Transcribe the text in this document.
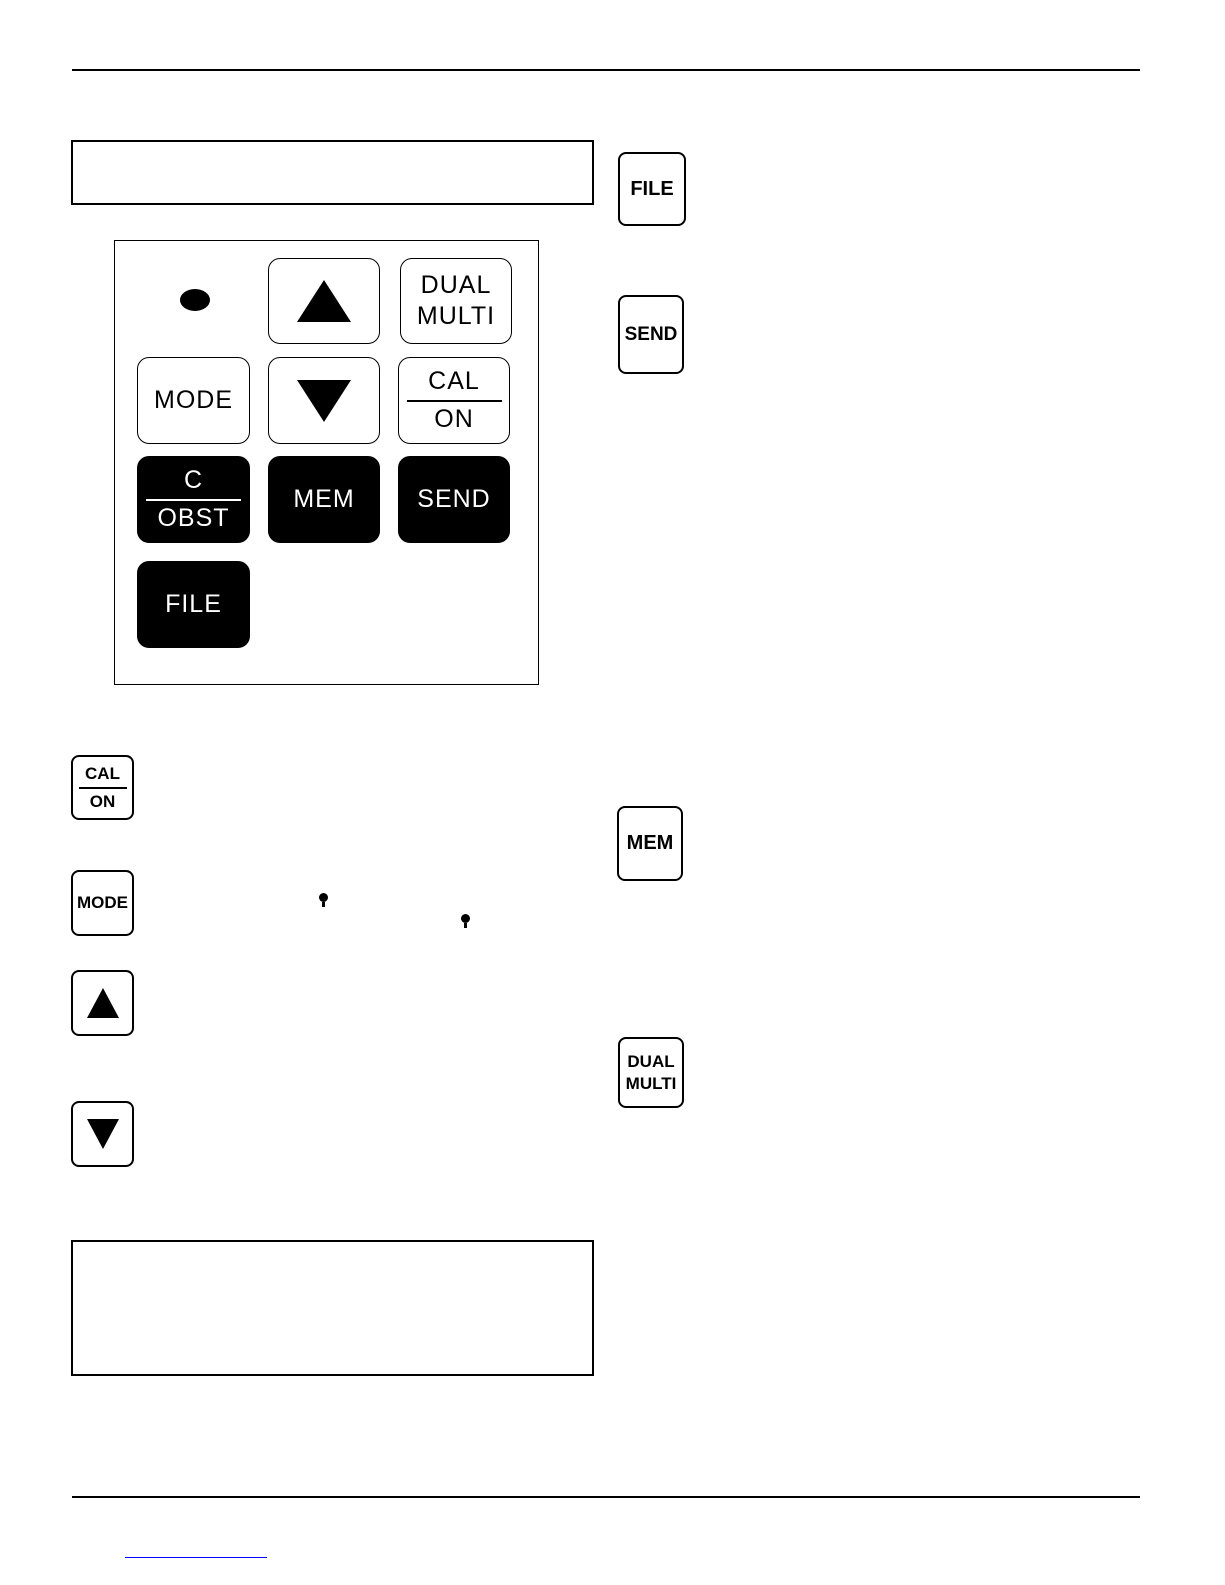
DUAL
MULTI
MODE
CAL
ON
C
OBST
MEM	SEND
FILE
CAL
ON
MODE
FILE
SEND
MEM
DUAL
MULTI
